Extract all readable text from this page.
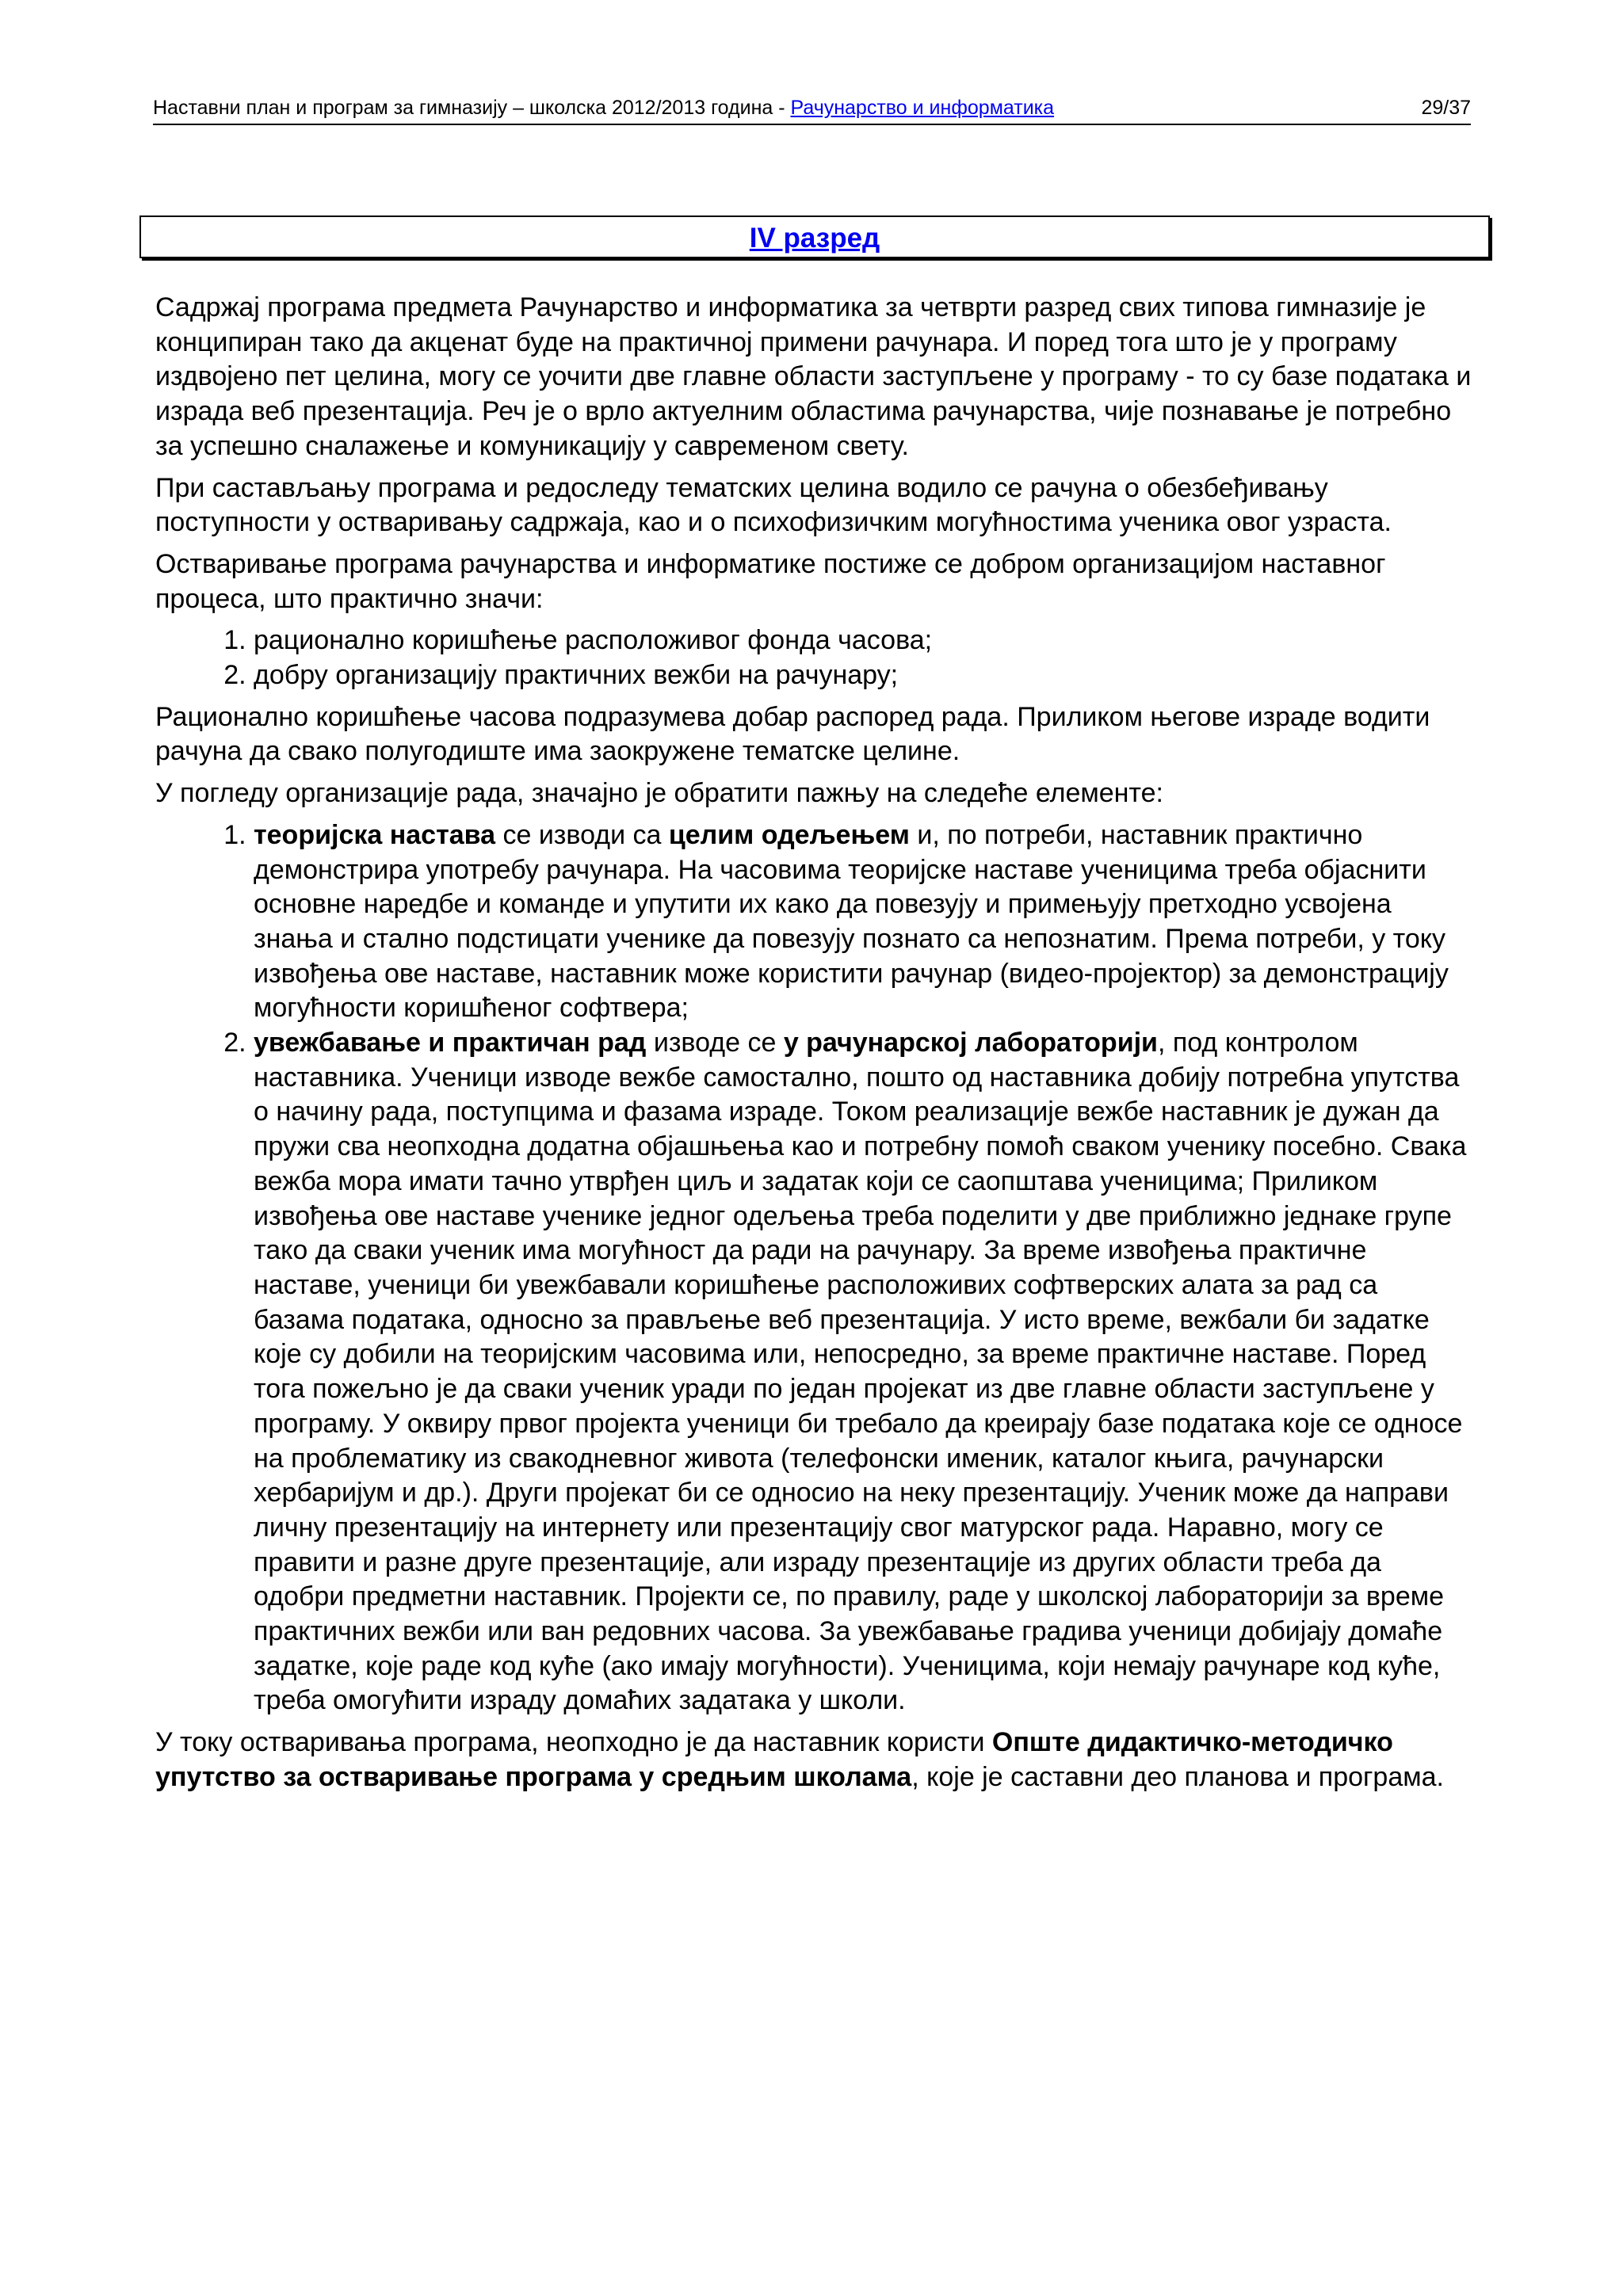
Наставни план и програм за гимназију – школска 2012/2013 година - Рачунарство и информатика	29/37
IV разред

Садржај програма предмета Рачунарство и информатика за четврти разред свих типова гимназије је конципиран тако да акценат буде на практичној примени рачунара. И поред тога што је у програму издвојено пет целина, могу се уочити две главне области заступљене у програму - то су базе података и израда веб презентација. Реч је о врло актуелним областима рачунарства, чије познавање је потребно за успешно сналажење и комуникацију у савременом свету.

При састављању програма и редоследу тематских целина водило се рачуна о обезбеђивању поступности у остваривању садржаја, као и о психофизичким могућностима ученика овог узраста.

Остваривање програма рачунарства и информатике постиже се добром организацијом наставног процеса, што практично значи:

1. рационално коришћење расположивог фонда часова;
2. добру организацију практичних вежби на рачунару;

Рационално коришћење часова подразумева добар распоред рада. Приликом његове израде водити рачуна да свако полугодиште има заокружене тематске целине.

У погледу организације рада, значајно је обратити пажњу на следеће елементе:

1. теоријска настава се изводи са целим одељењем и, по потреби, наставник практично демонстрира употребу рачунара. На часовима теоријске наставе ученицима треба објаснити основне наредбе и команде и упутити их како да повезују и примењују претходно усвојена знања и стално подстицати ученике да повезују познато са непознатим. Према потреби, у току извођења ове наставе, наставник може користити рачунар (видео-пројектор) за демонстрацију могућности коришћеног софтвера;
2. увежбавање и практичан рад изводе се у рачунарској лабораторији, под контролом наставника. Ученици изводе вежбе самостално, пошто од наставника добију потребна упутства о начину рада, поступцима и фазама израде. Током реализације вежбе наставник је дужан да пружи сва неопходна додатна објашњења као и потребну помоћ сваком ученику посебно. Свака вежба мора имати тачно утврђен циљ и задатак који се саопштава ученицима; Приликом извођења ове наставе ученике једног одељења треба поделити у две приближно једнаке групе тако да сваки ученик има могућност да ради на рачунару. За време извођења практичне наставе, ученици би увежбавали коришћење расположивих софтверских алата за рад са базама података, односно за прављење веб презентација. У исто време, вежбали би задатке које су добили на теоријским часовима или, непосредно, за време практичне наставе. Поред тога пожељно је да сваки ученик уради по један пројекат из две главне области заступљене у програму. У оквиру првог пројекта ученици би требало да креирају базе података које се односе на проблематику из свакодневног живота (телефонски именик, каталог књига, рачунарски хербаријум и др.). Други пројекат би се односио на неку презентацију. Ученик може да направи личну презентацију на интернету или презентацију свог матурског рада. Наравно, могу се правити и разне друге презентације, али израду презентације из других области треба да одобри предметни наставник. Пројекти се, по правилу, раде у школској лабораторији за време практичних вежби или ван редовних часова. За увежбавање градива ученици добијају домаће задатке, које раде код куће (ако имају могућности). Ученицима, који немају рачунаре код куће, треба омогућити израду домаћих задатака у школи.

У току остваривања програма, неопходно је да наставник користи Опште дидактичко-методичко упутство за остваривање програма у средњим школама, које је саставни део планова и програма.
